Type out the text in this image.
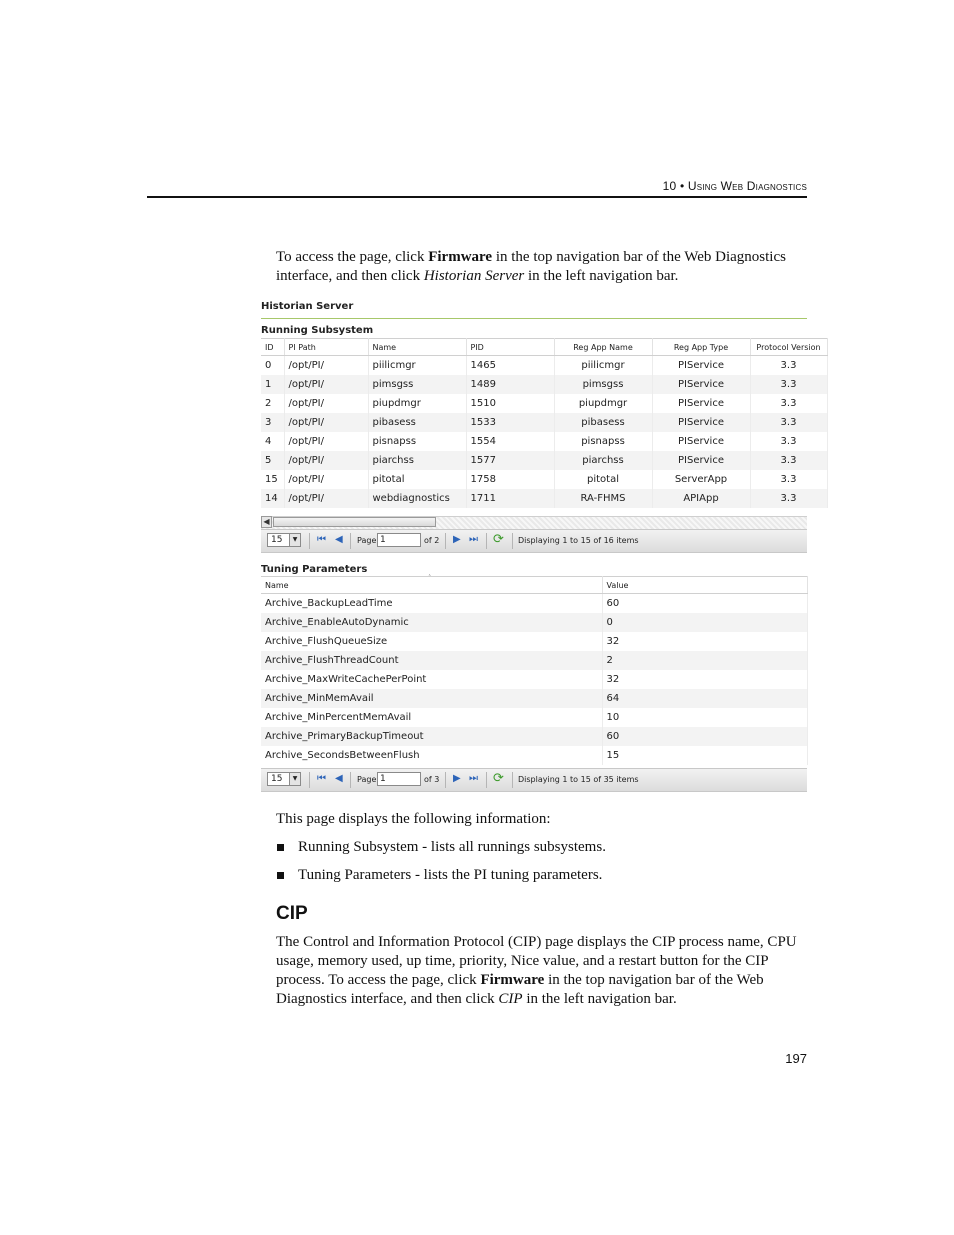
10 • Using Web Diagnostics
To access the page, click Firmware in the top navigation bar of the Web Diagnostics interface, and then click Historian Server in the left navigation bar.
Historian Server
Running Subsystem
ID	PI Path	Name	PID	Reg App Name	Reg App Type	Protocol Version
0	/opt/PI/	piilicmgr	1465	piilicmgr	PIService	3.3
1	/opt/PI/	pimsgss	1489	pimsgss	PIService	3.3
2	/opt/PI/	piupdmgr	1510	piupdmgr	PIService	3.3
3	/opt/PI/	pibasess	1533	pibasess	PIService	3.3
4	/opt/PI/	pisnapss	1554	pisnapss	PIService	3.3
5	/opt/PI/	piarchss	1577	piarchss	PIService	3.3
15	/opt/PI/	pitotal	1758	pitotal	ServerApp	3.3
14	/opt/PI/	webdiagnostics	1711	RA-FHMS	APIApp	3.3
◀
15	▼ ⏮ ◀ Page 1	of 2 ▶ ⏭ ⟳ Displaying 1 to 15 of 16 items
Tuning Parameters
Name	Value
Archive_BackupLeadTime	60
Archive_EnableAutoDynamic	0
Archive_FlushQueueSize	32
Archive_FlushThreadCount	2
Archive_MaxWriteCachePerPoint	32
Archive_MinMemAvail	64
Archive_MinPercentMemAvail	10
Archive_PrimaryBackupTimeout	60
Archive_SecondsBetweenFlush	15
15	▼ ⏮ ◀ Page 1	of 3 ▶ ⏭ ⟳ Displaying 1 to 15 of 35 items
This page displays the following information:
Running Subsystem - lists all runnings subsystems.
Tuning Parameters - lists the PI tuning parameters.
CIP
The Control and Information Protocol (CIP) page displays the CIP process name, CPU usage, memory used, up time, priority, Nice value, and a restart button for the CIP process. To access the page, click Firmware in the top navigation bar of the Web Diagnostics interface, and then click CIP in the left navigation bar.
197
